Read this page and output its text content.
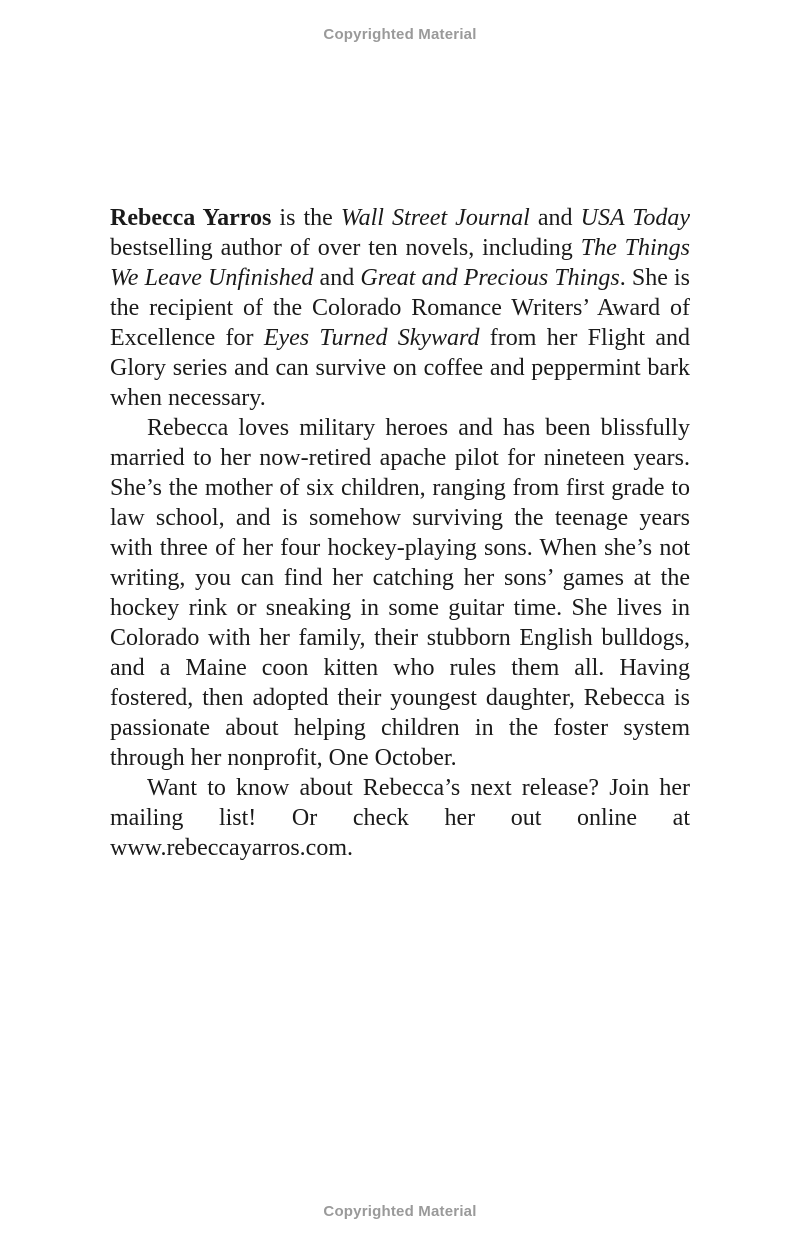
Copyrighted Material

Rebecca Yarros is the Wall Street Journal and USA Today bestselling author of over ten novels, including The Things We Leave Unfinished and Great and Precious Things. She is the recipient of the Colorado Romance Writers’ Award of Excellence for Eyes Turned Skyward from her Flight and Glory series and can survive on coffee and peppermint bark when necessary.

Rebecca loves military heroes and has been blissfully married to her now-retired apache pilot for nineteen years. She’s the mother of six children, ranging from first grade to law school, and is somehow surviving the teenage years with three of her four hockey-playing sons. When she’s not writing, you can find her catching her sons’ games at the hockey rink or sneaking in some guitar time. She lives in Colorado with her family, their stubborn English bulldogs, and a Maine coon kitten who rules them all. Having fostered, then adopted their youngest daughter, Rebecca is passionate about helping children in the foster system through her nonprofit, One October.

Want to know about Rebecca’s next release? Join her mailing list! Or check her out online at www.rebeccayarros.com.

Copyrighted Material
